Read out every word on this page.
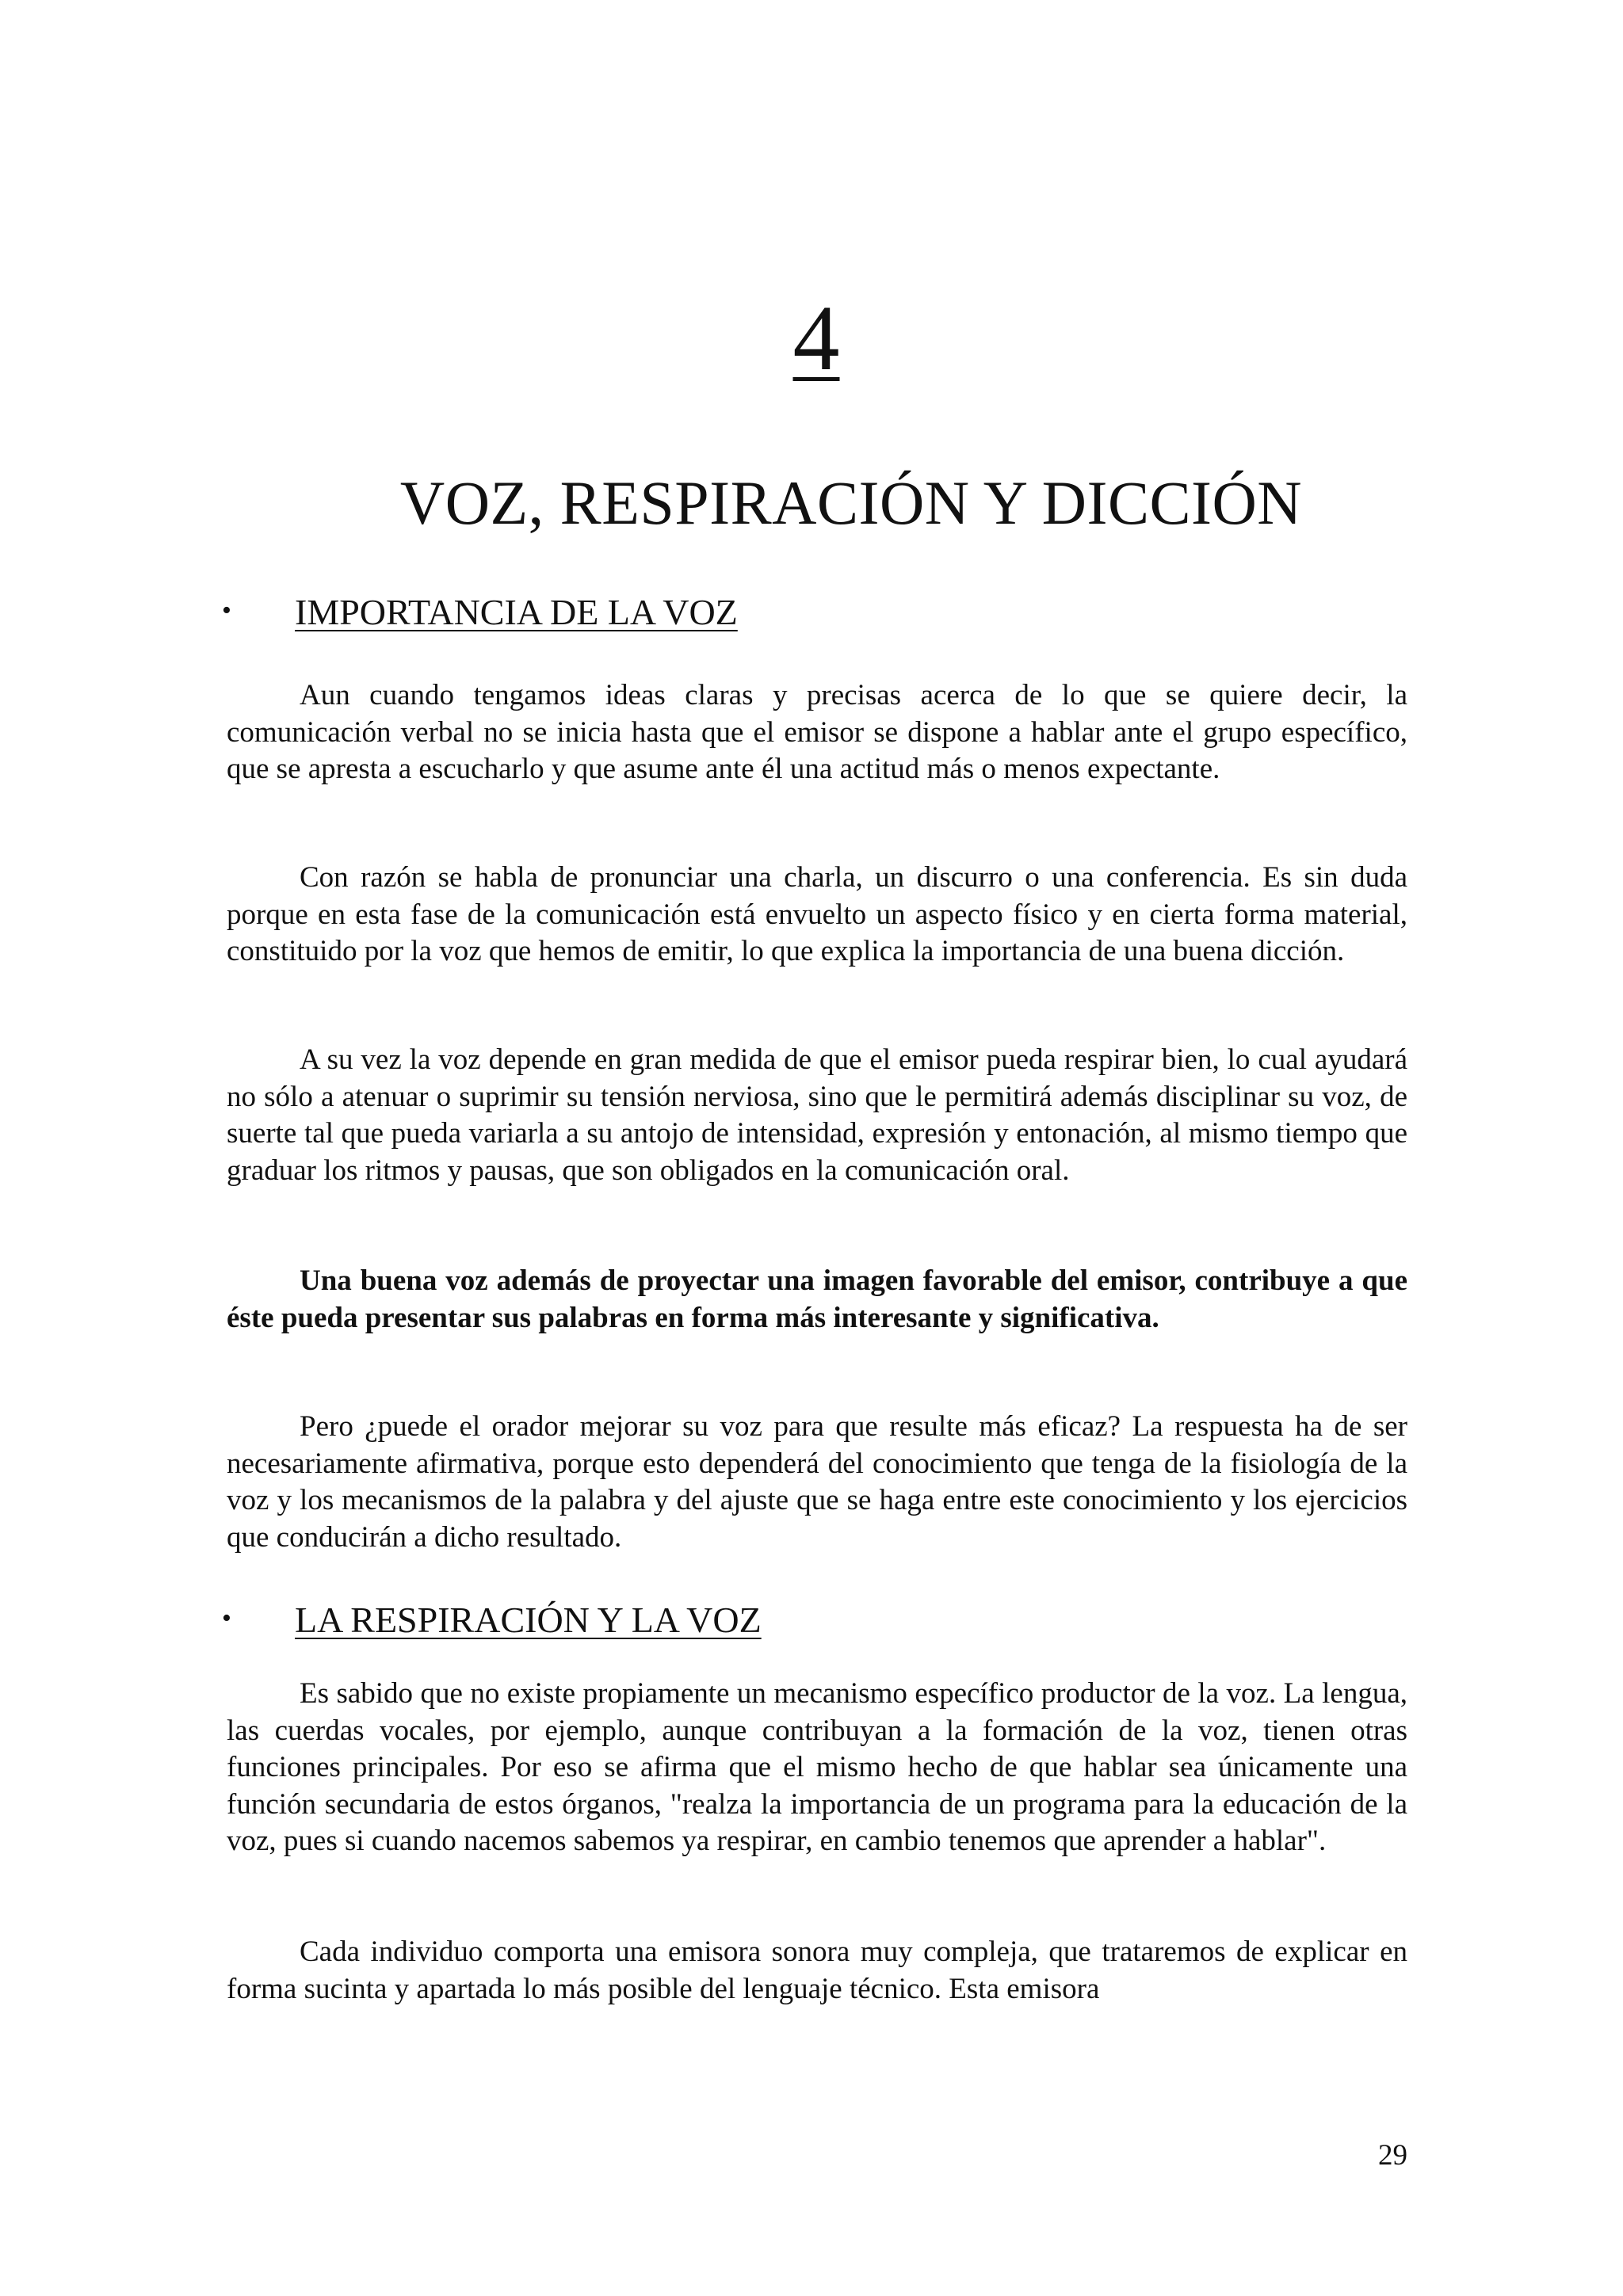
4
VOZ, RESPIRACIÓN Y DICCIÓN
•	IMPORTANCIA DE LA VOZ

Aun cuando tengamos ideas claras y precisas acerca de lo que se quiere decir, la comunicación verbal no se inicia hasta que el emisor se dispone a hablar ante el grupo específico, que se apresta a escucharlo y que asume ante él una actitud más o menos expectante.

Con razón se habla de pronunciar una charla, un discurro o una conferencia. Es sin duda porque en esta fase de la comunicación está envuelto un aspecto físico y en cierta forma material, constituido por la voz que hemos de emitir, lo que explica la importancia de una buena dicción.

A su vez la voz depende en gran medida de que el emisor pueda respirar bien, lo cual ayudará no sólo a atenuar o suprimir su tensión nerviosa, sino que le permitirá además disciplinar su voz, de suerte tal que pueda variarla a su antojo de intensidad, expresión y entonación, al mismo tiempo que graduar los ritmos y pausas, que son obligados en la comunicación oral.

Una buena voz además de proyectar una imagen favorable del emisor, contribuye a que éste pueda presentar sus palabras en forma más interesante y significativa.

Pero ¿puede el orador mejorar su voz para que resulte más eficaz? La respuesta ha de ser necesariamente afirmativa, porque esto dependerá del conocimiento que tenga de la fisiología de la voz y los mecanismos de la palabra y del ajuste que se haga entre este conocimiento y los ejercicios que conducirán a dicho resultado.

•	LA RESPIRACIÓN Y LA VOZ

Es sabido que no existe propiamente un mecanismo específico productor de la voz. La lengua, las cuerdas vocales, por ejemplo, aunque contribuyan a la formación de la voz, tienen otras funciones principales. Por eso se afirma que el mismo hecho de que hablar sea únicamente una función secundaria de estos órganos, "realza la importancia de un programa para la educación de la voz, pues si cuando nacemos sabemos ya respirar, en cambio tenemos que aprender a hablar".

Cada individuo comporta una emisora sonora muy compleja, que trataremos de explicar en forma sucinta y apartada lo más posible del lenguaje técnico. Esta emisora

29
